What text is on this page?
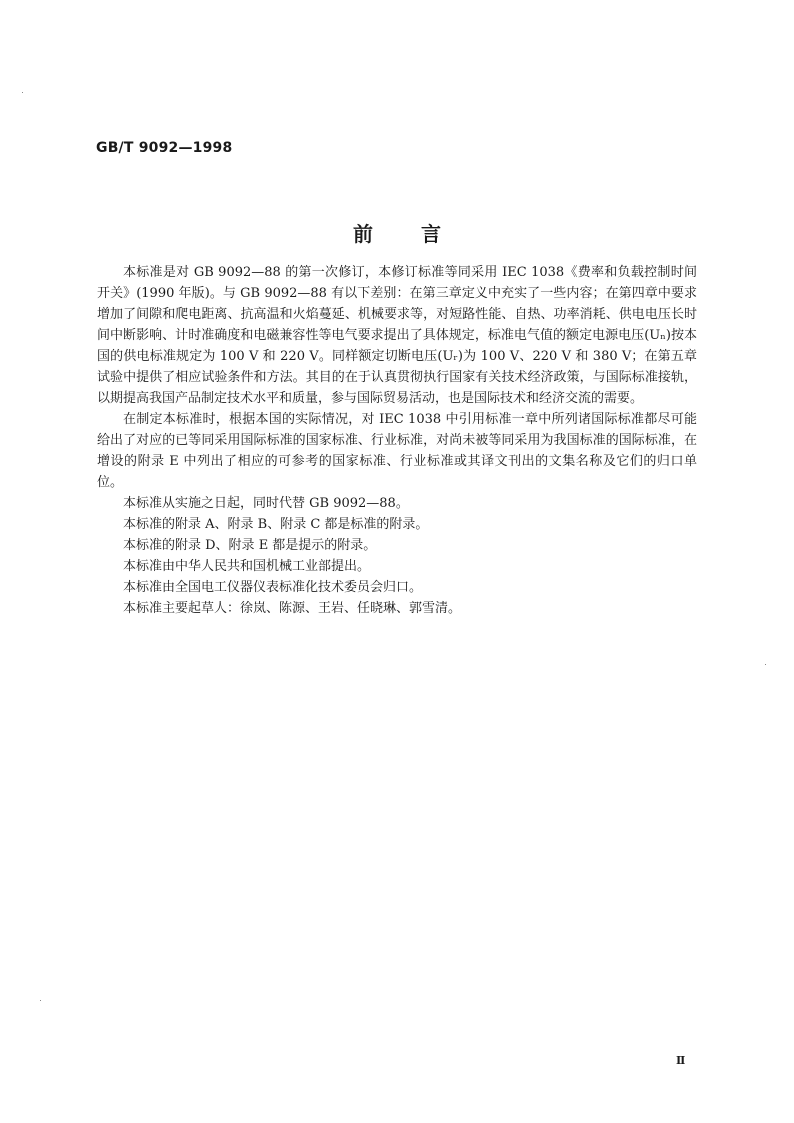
GB/T 9092—1998
前言

本标准是对 GB 9092—88 的第一次修订，本修订标准等同采用 IEC 1038《费率和负载控制时间开关》(1990 年版)。与 GB 9092—88 有以下差别：在第三章定义中充实了一些内容；在第四章中要求增加了间隙和爬电距离、抗高温和火焰蔓延、机械要求等，对短路性能、自热、功率消耗、供电电压长时间中断影响、计时准确度和电磁兼容性等电气要求提出了具体规定，标准电气值的额定电源电压(Uₙ)按本国的供电标准规定为 100 V 和 220 V。同样额定切断电压(Uᵣ)为 100 V、220 V 和 380 V；在第五章试验中提供了相应试验条件和方法。其目的在于认真贯彻执行国家有关技术经济政策，与国际标准接轨，以期提高我国产品制定技术水平和质量，参与国际贸易活动，也是国际技术和经济交流的需要。

在制定本标准时，根据本国的实际情况，对 IEC 1038 中引用标准一章中所列诸国际标准都尽可能给出了对应的已等同采用国际标准的国家标准、行业标准，对尚未被等同采用为我国标准的国际标准，在增设的附录 E 中列出了相应的可参考的国家标准、行业标准或其译文刊出的文集名称及它们的归口单位。

本标准从实施之日起，同时代替 GB 9092—88。

本标准的附录 A、附录 B、附录 C 都是标准的附录。

本标准的附录 D、附录 E 都是提示的附录。

本标准由中华人民共和国机械工业部提出。

本标准由全国电工仪器仪表标准化技术委员会归口。

本标准主要起草人：徐岚、陈源、王岩、任晓琳、郭雪清。

Ⅱ
